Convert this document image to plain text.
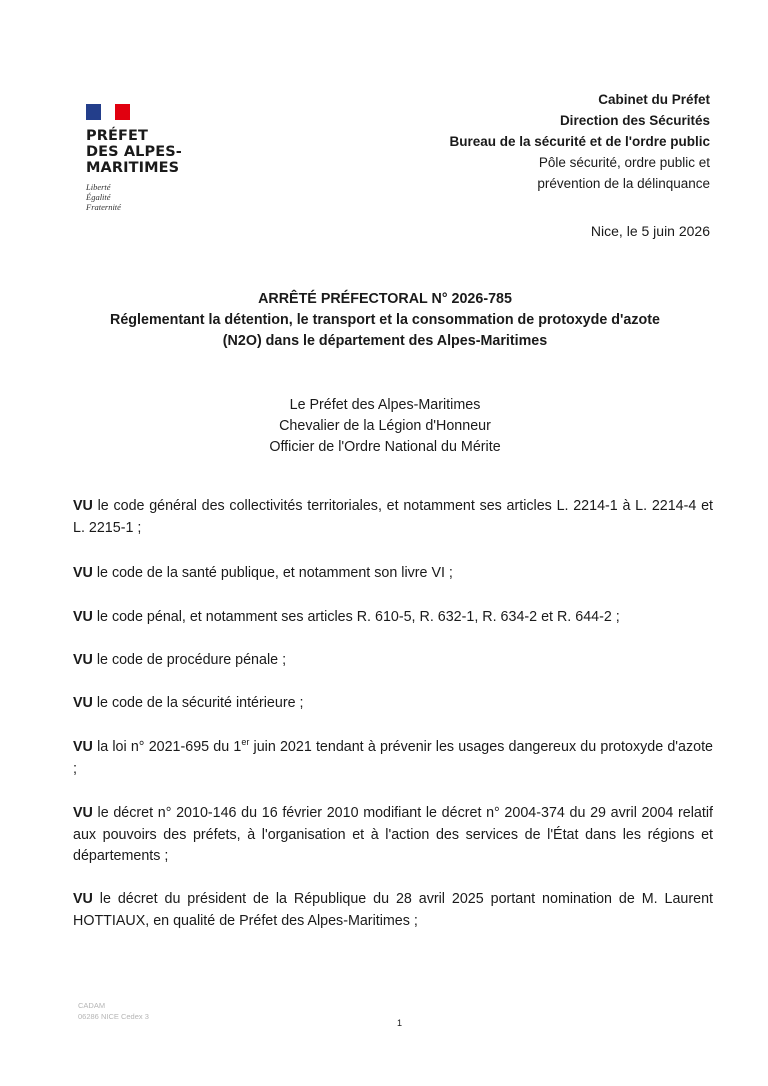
PRÉFET
DES ALPES-
MARITIMES
Liberté
Égalité
Fraternité
Cabinet du Préfet
Direction des Sécurités
Bureau de la sécurité et de l'ordre public
Pôle sécurité, ordre public et
prévention de la délinquance
Nice, le 5 juin 2026
ARRÊTÉ PRÉFECTORAL N° 2026-785
Réglementant la détention, le transport et la consommation de protoxyde d'azote
(N2O) dans le département des Alpes-Maritimes
Le Préfet des Alpes-Maritimes
Chevalier de la Légion d'Honneur
Officier de l'Ordre National du Mérite

VU le code général des collectivités territoriales, et notamment ses articles L. 2214-1 à L. 2214-4 et L. 2215-1 ;

VU le code de la santé publique, et notamment son livre VI ;

VU le code pénal, et notamment ses articles R. 610-5, R. 632-1, R. 634-2 et R. 644-2 ;

VU le code de procédure pénale ;

VU le code de la sécurité intérieure ;

VU la loi n° 2021-695 du 1er juin 2021 tendant à prévenir les usages dangereux du protoxyde d'azote ;

VU le décret n° 2010-146 du 16 février 2010 modifiant le décret n° 2004-374 du 29 avril 2004 relatif aux pouvoirs des préfets, à l'organisation et à l'action des services de l'État dans les régions et départements ;

VU le décret du président de la République du 28 avril 2025 portant nomination de M. Laurent HOTTIAUX, en qualité de Préfet des Alpes-Maritimes ;

CADAM
06286 NICE Cedex 3
1
